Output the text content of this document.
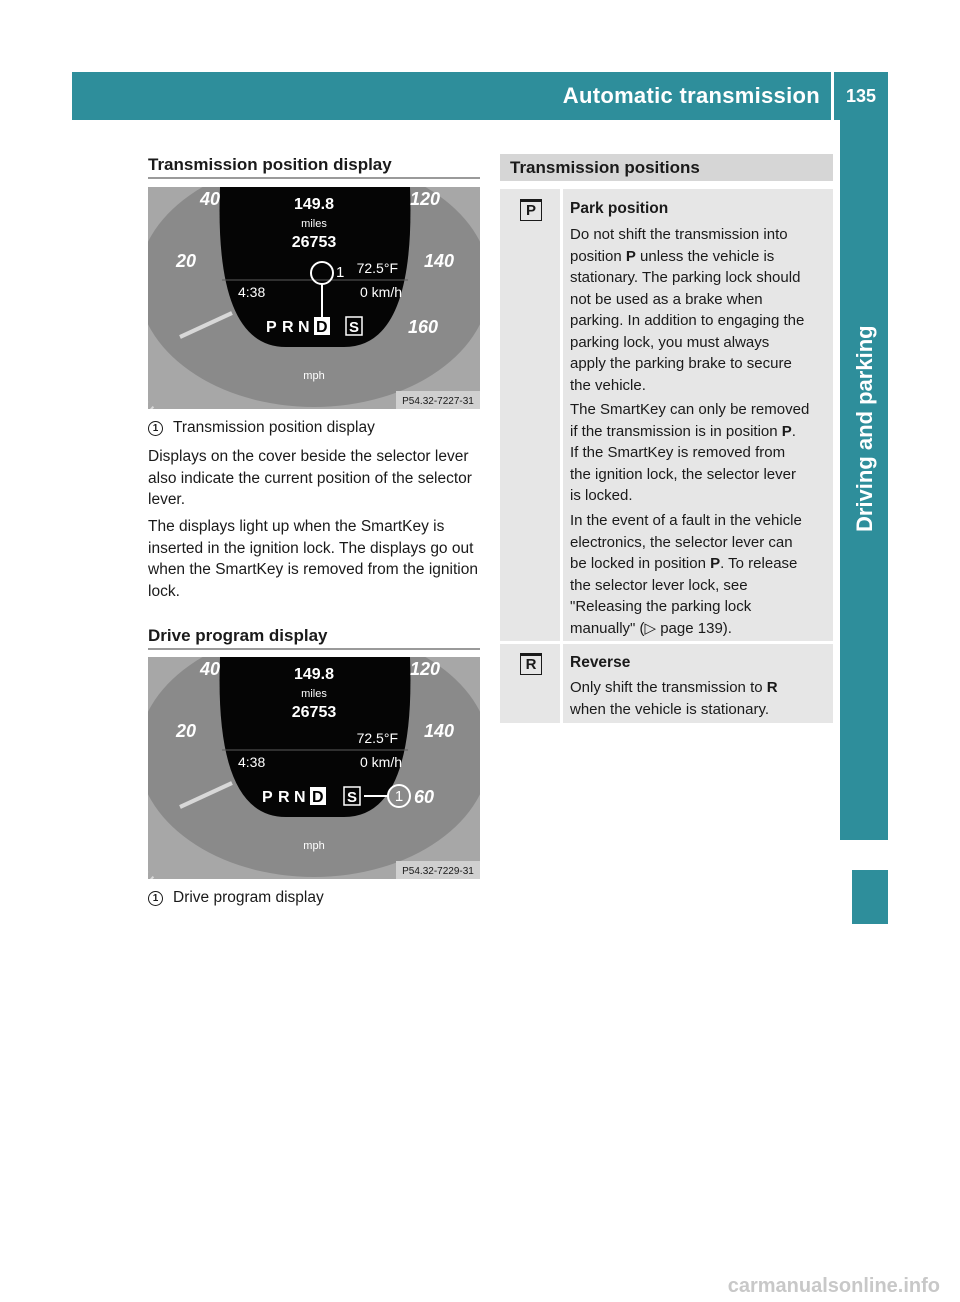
Automatic transmission	135
Driving and parking
Transmission position display
1
149.8
miles
26753
72.5°F
4:38	0 km/h
P R N D S
40	120
20	140
160
mph
P54.32-7227-31
1 Transmission position display
Displays on the cover beside the selector lever also indicate the current position of the selector lever.
The displays light up when the SmartKey is inserted in the ignition lock. The displays go out when the SmartKey is removed from the ignition lock.
Drive program display
149.8
miles
26753
72.5°F
4:38	0 km/h
P R N D S	1
40	120
20	140
60
mph
P54.32-7229-31
1 Drive program display
Transmission positions
P	Park position
Do not shift the transmission into
position P unless the vehicle is
stationary. The parking lock should
not be used as a brake when
parking. In addition to engaging the
parking lock, you must always
apply the parking brake to secure
the vehicle.
The SmartKey can only be removed
if the transmission is in position P.
If the SmartKey is removed from
the ignition lock, the selector lever
is locked.
In the event of a fault in the vehicle
electronics, the selector lever can
be locked in position P. To release
the selector lever lock, see
"Releasing the parking lock
manually" (▷ page 139).
R	Reverse
Only shift the transmission to R
when the vehicle is stationary.
carmanualsonline.info
